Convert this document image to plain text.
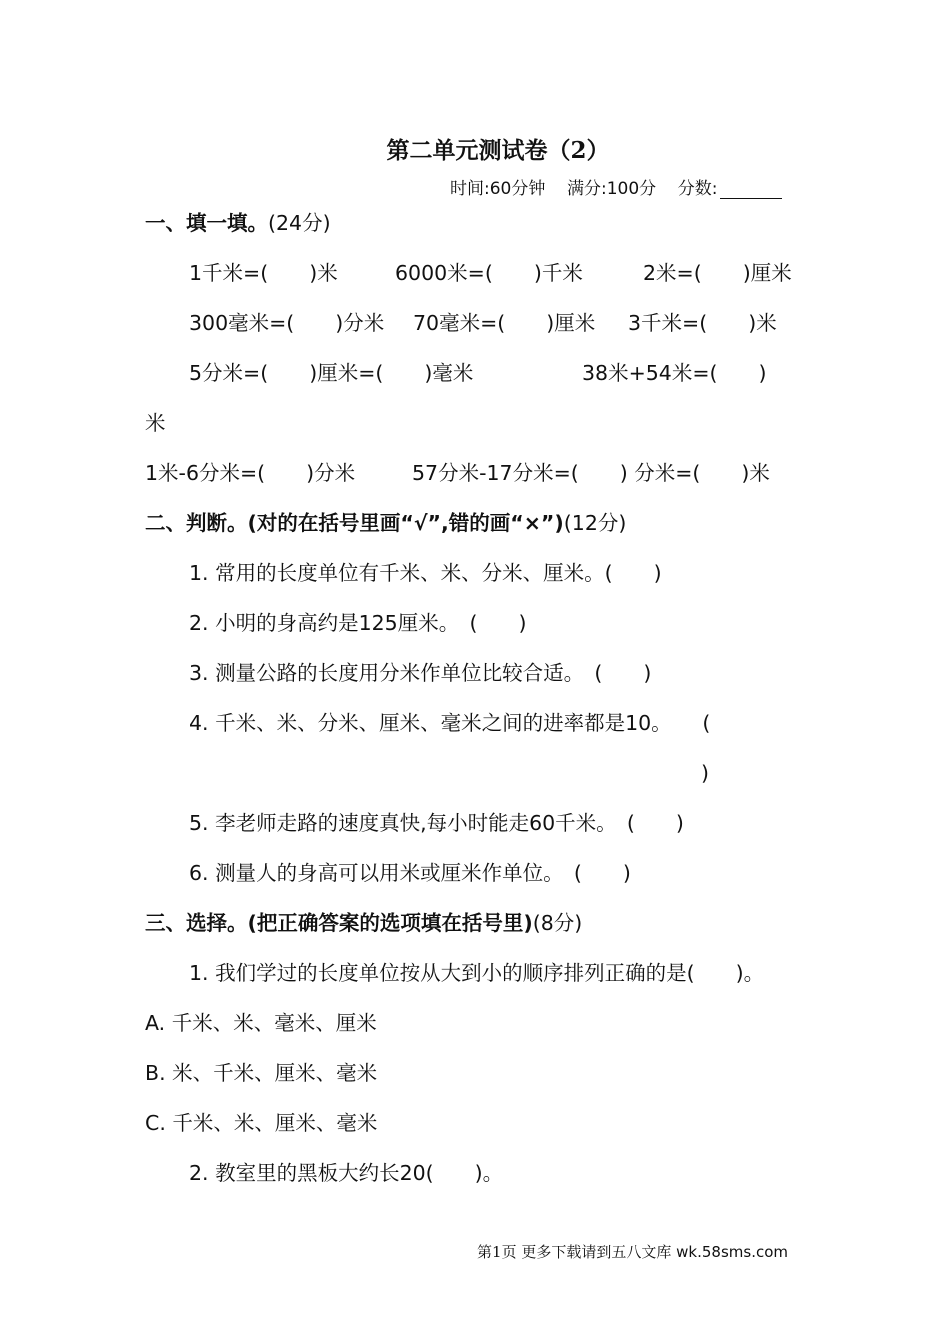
第二单元测试卷（2）
时间:60分钟 满分:100分 分数:
一、填一填。(24分)
1千米=(　　)米	6000米=(　　)千米	2米=(　　)厘米
300毫米=(　　)分米 70毫米=(　　)厘米 3千米=(　　)米
5分米=(　　)厘米=(　　)毫米	38米+54米=(　　)
米
1米-6分米=(　　)分米	57分米-17分米=(　　) 分米=(　　)米
二、判断。(对的在括号里画“√”,错的画“×”)(12分)
1. 常用的长度单位有千米、米、分米、厘米。(　　)
2. 小明的身高约是125厘米。　(　　)
3. 测量公路的长度用分米作单位比较合适。　(　　)
4. 千米、米、分米、厘米、毫米之间的进率都是10。　　(
)
5. 李老师走路的速度真快,每小时能走60千米。　(　　)
6. 测量人的身高可以用米或厘米作单位。　(　　)
三、选择。(把正确答案的选项填在括号里)(8分)
1. 我们学过的长度单位按从大到小的顺序排列正确的是(　　)。
A. 千米、米、毫米、厘米
B. 米、千米、厘米、毫米
C. 千米、米、厘米、毫米
2. 教室里的黑板大约长20(　　)。
第1页 更多下载请到五八文库 wk.58sms.com
